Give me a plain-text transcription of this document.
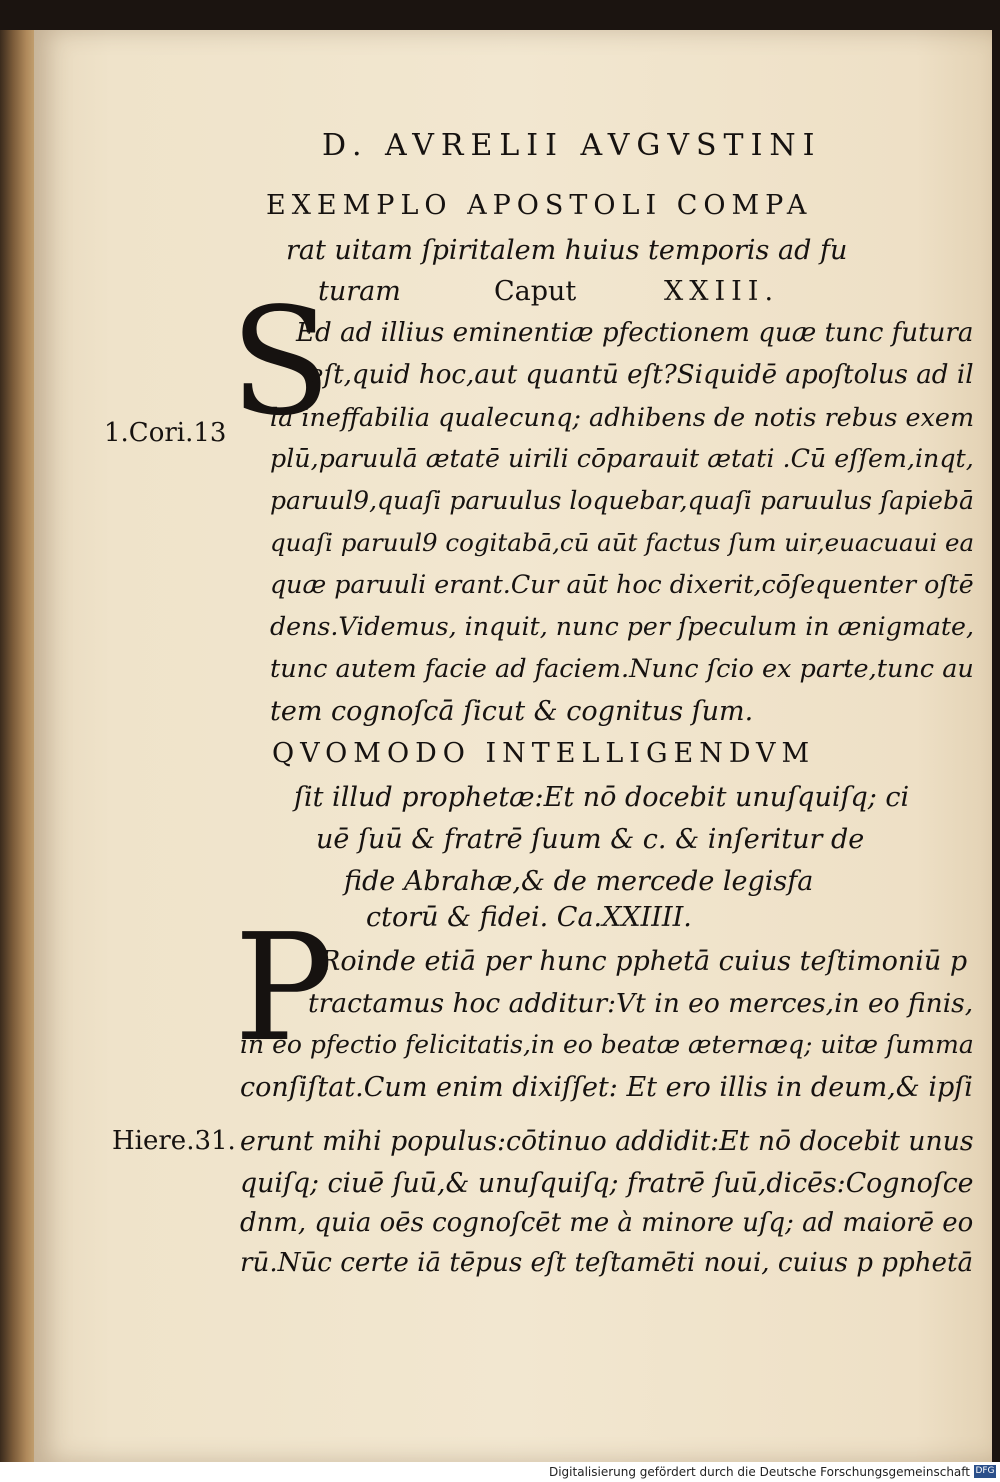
D. AVRELII AVGVSTINI
EXEMPLO APOSTOLI COMPA
rat uitam ſpiritalem huius temporis ad fu
turam	Caput	XXIII.
S
1.Cori.13
Ed ad illius eminentiæ pfectionem quæ tunc futura
eſt,quid hoc,aut quantū eſt?Siquidē apoſtolus ad il
la ineffabilia qualecunq; adhibens de notis rebus exem
plū,paruulā ætatē uirili cōparauit ætati .Cū eſſem,inqt,
paruul9,quaſi paruulus loquebar,quaſi paruulus ſapiebā
quaſi paruul9 cogitabā,cū aūt factus ſum uir,euacuaui ea
quæ paruuli erant.Cur aūt hoc dixerit,cōſequenter oſtē
dens.Videmus, inquit, nunc per ſpeculum in ænigmate,
tunc autem facie ad faciem.Nunc ſcio ex parte,tunc au
tem cognoſcā ſicut & cognitus ſum.
QVOMODO INTELLIGENDVM
ſit illud prophetæ:Et nō docebit unuſquiſq; ci
uē ſuū & fratrē ſuum & c. & inſeritur de
fide Abrahæ,& de mercede legisfa
ctorū & fidei. Ca.XXIIII.
P
Hiere.31.
Roinde etiā per hunc pphetā cuius teſtimoniū p
tractamus hoc additur:Vt in eo merces,in eo finis,
in eo pfectio felicitatis,in eo beatæ æternæq; uitæ ſumma
conſiſtat.Cum enim dixiſſet: Et ero illis in deum,& ipſi
erunt mihi populus:cōtinuo addidit:Et nō docebit unus
quiſq; ciuē ſuū,& unuſquiſq; fratrē ſuū,dicēs:Cognoſce
dnm, quia oēs cognoſcēt me à minore uſq; ad maiorē eo
rū.Nūc certe iā tēpus eſt teſtamēti noui, cuius p pphetā
Digitalisierung gefördert durch die Deutsche Forschungsgemeinschaft DFG
